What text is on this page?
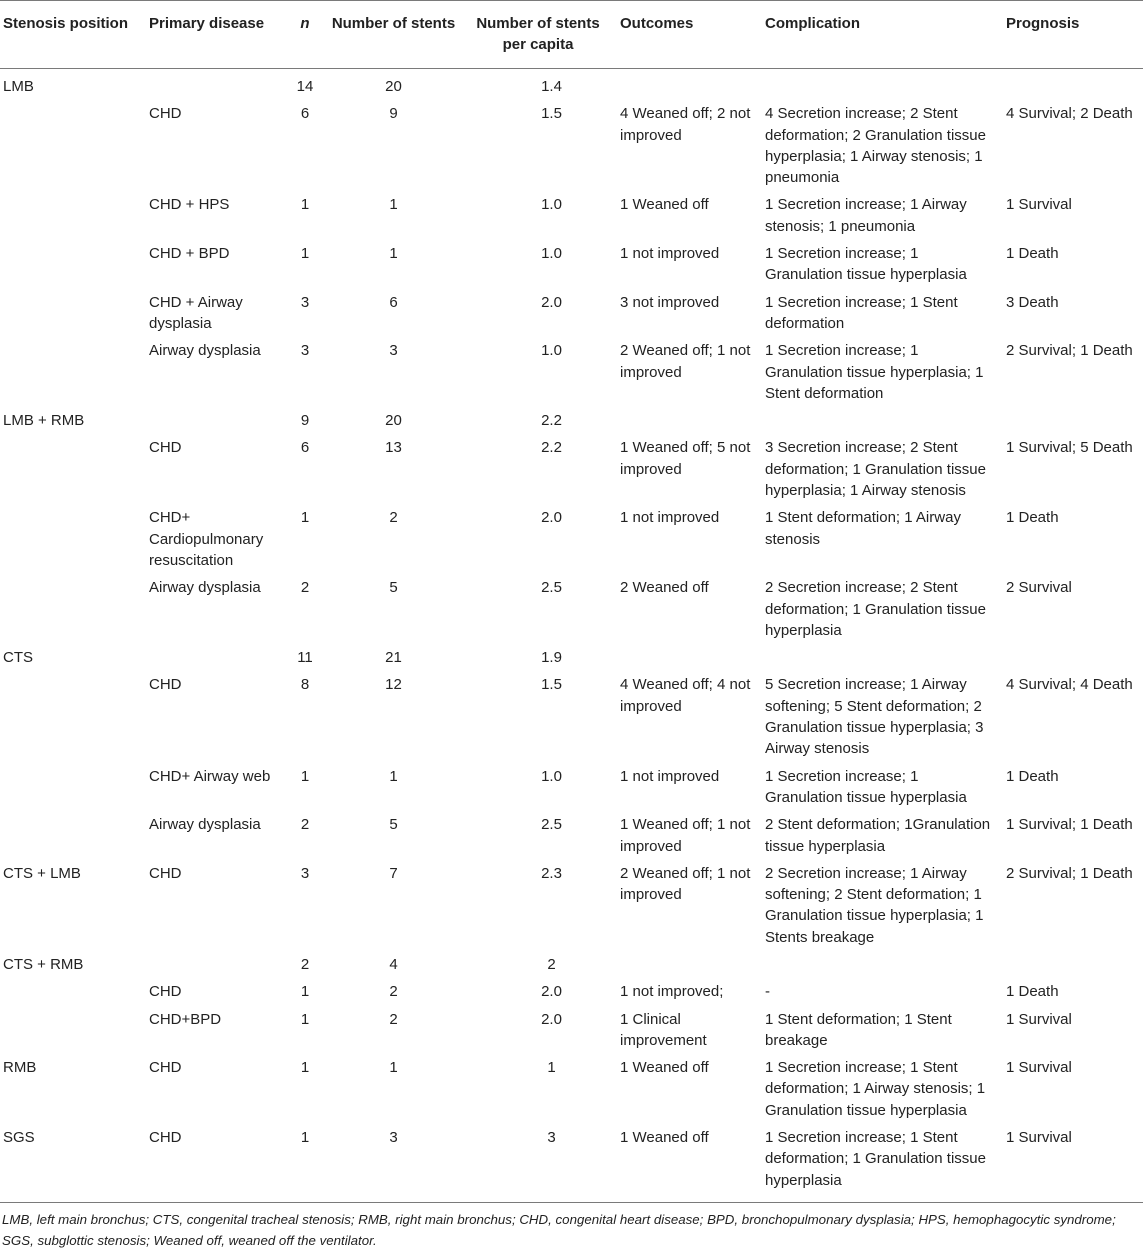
Stenosis position	Primary disease	n	Number of stents	Number of stents per capita	Outcomes	Complication	Prognosis
LMB		14	20	1.4			
	CHD	6	9	1.5	4 Weaned off; 2 not improved	4 Secretion increase; 2 Stent deformation; 2 Granulation tissue hyperplasia; 1 Airway stenosis; 1 pneumonia	4 Survival; 2 Death
	CHD + HPS	1	1	1.0	1 Weaned off	1 Secretion increase; 1 Airway stenosis; 1 pneumonia	1 Survival
	CHD + BPD	1	1	1.0	1 not improved	1 Secretion increase; 1 Granulation tissue hyperplasia	1 Death
	CHD + Airway dysplasia	3	6	2.0	3 not improved	1 Secretion increase; 1 Stent deformation	3 Death
	Airway dysplasia	3	3	1.0	2 Weaned off; 1 not improved	1 Secretion increase; 1 Granulation tissue hyperplasia; 1 Stent deformation	2 Survival; 1 Death
LMB + RMB		9	20	2.2			
	CHD	6	13	2.2	1 Weaned off; 5 not improved	3 Secretion increase; 2 Stent deformation; 1 Granulation tissue hyperplasia; 1 Airway stenosis	1 Survival; 5 Death
	CHD+ Cardiopulmonary resuscitation	1	2	2.0	1 not improved	1 Stent deformation; 1 Airway stenosis	1 Death
	Airway dysplasia	2	5	2.5	2 Weaned off	2 Secretion increase; 2 Stent deformation; 1 Granulation tissue hyperplasia	2 Survival
CTS		11	21	1.9			
	CHD	8	12	1.5	4 Weaned off; 4 not improved	5 Secretion increase; 1 Airway softening; 5 Stent deformation; 2 Granulation tissue hyperplasia; 3 Airway stenosis	4 Survival; 4 Death
	CHD+ Airway web	1	1	1.0	1 not improved	1 Secretion increase; 1 Granulation tissue hyperplasia	1 Death
	Airway dysplasia	2	5	2.5	1 Weaned off; 1 not improved	2 Stent deformation; 1Granulation tissue hyperplasia	1 Survival; 1 Death
CTS + LMB	CHD	3	7	2.3	2 Weaned off; 1 not improved	2 Secretion increase; 1 Airway softening; 2 Stent deformation; 1 Granulation tissue hyperplasia; 1 Stents breakage	2 Survival; 1 Death
CTS + RMB		2	4	2			
	CHD	1	2	2.0	1 not improved;	-	1 Death
	CHD+BPD	1	2	2.0	1 Clinical improvement	1 Stent deformation; 1 Stent breakage	1 Survival
RMB	CHD	1	1	1	1 Weaned off	1 Secretion increase; 1 Stent deformation; 1 Airway stenosis; 1 Granulation tissue hyperplasia	1 Survival
SGS	CHD	1	3	3	1 Weaned off	1 Secretion increase; 1 Stent deformation; 1 Granulation tissue hyperplasia	1 Survival
LMB, left main bronchus; CTS, congenital tracheal stenosis; RMB, right main bronchus; CHD, congenital heart disease; BPD, bronchopulmonary dysplasia; HPS, hemophagocytic syndrome; SGS, subglottic stenosis; Weaned off, weaned off the ventilator.
